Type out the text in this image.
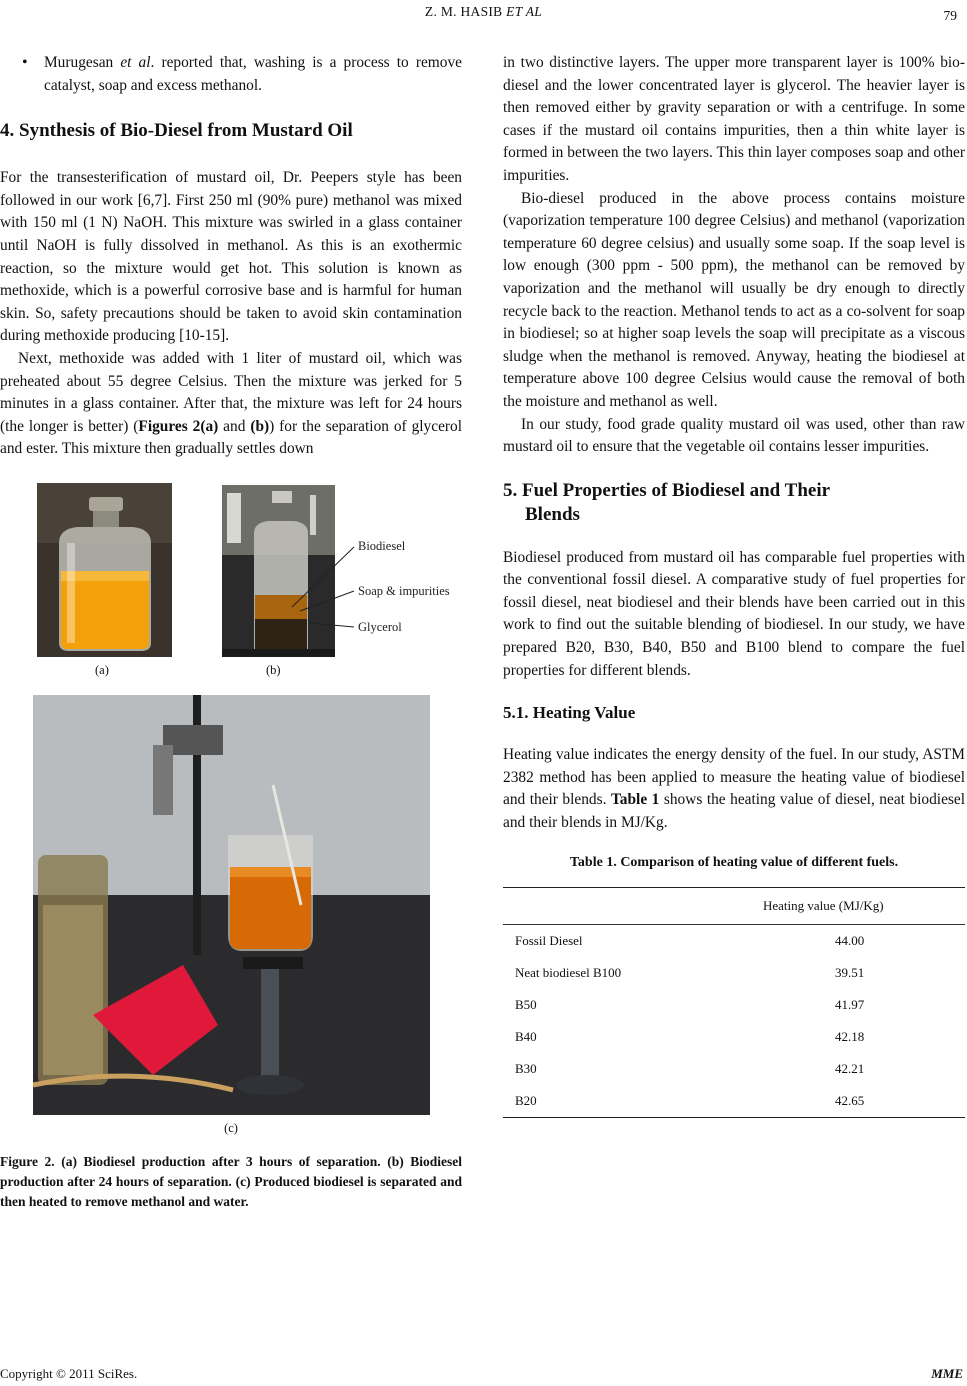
Z. M. HASIB ET AL	79
•	Murugesan et al. reported that, washing is a process to remove catalyst, soap and excess methanol.

4. Synthesis of Bio-Diesel from Mustard Oil

For the transesterification of mustard oil, Dr. Peepers style has been followed in our work [6,7]. First 250 ml (90% pure) methanol was mixed with 150 ml (1 N) NaOH. This mixture was swirled in a glass container until NaOH is fully dissolved in methanol. As this is an exothermic reaction, so the mixture would get hot. This solution is known as methoxide, which is a powerful corrosive base and is harmful for human skin. So, safety precautions should be taken to avoid skin contamination during methoxide producing [10-15].

Next, methoxide was added with 1 liter of mustard oil, which was preheated about 55 degree Celsius. Then the mixture was jerked for 5 minutes in a glass container. After that, the mixture was left for 24 hours (the longer is better) (Figures 2(a) and (b)) for the separation of glycerol and ester. This mixture then gradually settles down

Biodiesel
Soap & impurities
Glycerol
(a)	(b)
(c)

Figure 2. (a) Biodiesel production after 3 hours of separation. (b) Biodiesel production after 24 hours of separation. (c) Produced biodiesel is separated and then heated to remove methanol and water.

in two distinctive layers. The upper more transparent layer is 100% bio-diesel and the lower concentrated layer is glycerol. The heavier layer is then removed either by gravity separation or with a centrifuge. In some cases if the mustard oil contains impurities, then a thin white layer is formed in between the two layers. This thin layer composes soap and other impurities.

Bio-diesel produced in the above process contains moisture (vaporization temperature 100 degree Celsius) and methanol (vaporization temperature 60 degree celsius) and usually some soap. If the soap level is low enough (300 ppm - 500 ppm), the methanol can be removed by vaporization and the methanol will usually be dry enough to directly recycle back to the reaction. Methanol tends to act as a co-solvent for soap in biodiesel; so at higher soap levels the soap will precipitate as a viscous sludge when the methanol is removed. Anyway, heating the biodiesel at temperature above 100 degree Celsius would cause the removal of both the moisture and methanol as well.

In our study, food grade quality mustard oil was used, other than raw mustard oil to ensure that the vegetable oil contains lesser impurities.

5. Fuel Properties of Biodiesel and Their
Blends

Biodiesel produced from mustard oil has comparable fuel properties with the conventional fossil diesel. A comparative study of fuel properties for fossil diesel, neat biodiesel and their blends have been carried out in this work to find out the suitable blending of biodiesel. In our study, we have prepared B20, B30, B40, B50 and B100 blend to compare the fuel properties for different blends.

5.1. Heating Value

Heating value indicates the energy density of the fuel. In our study, ASTM 2382 method has been applied to measure the heating value of biodiesel and their blends. Table 1 shows the heating value of diesel, neat biodiesel and their blends in MJ/Kg.

Table 1. Comparison of heating value of different fuels.

	Heating value (MJ/Kg)
Fossil Diesel	44.00
Neat biodiesel B100	39.51
B50	41.97
B40	42.18
B30	42.21
B20	42.65
Copyright © 2011 SciRes.	MME
